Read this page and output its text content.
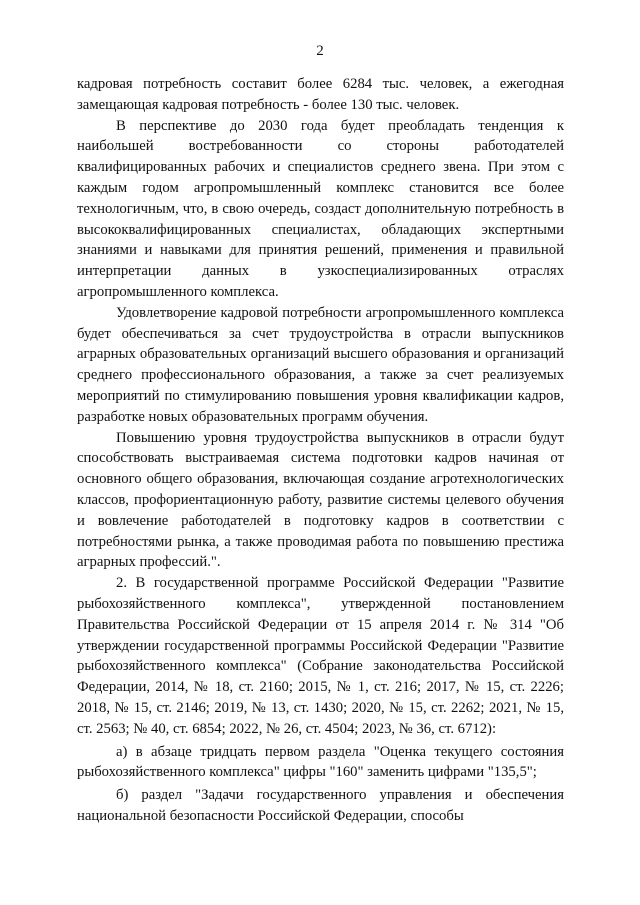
2

кадровая потребность составит более 6284 тыс. человек, а ежегодная замещающая кадровая потребность - более 130 тыс. человек.

В перспективе до 2030 года будет преобладать тенденция к наибольшей востребованности со стороны работодателей квалифицированных рабочих и специалистов среднего звена. При этом с каждым годом агропромышленный комплекс становится все более технологичным, что, в свою очередь, создаст дополнительную потребность в высококвалифицированных специалистах, обладающих экспертными знаниями и навыками для принятия решений, применения и правильной интерпретации данных в узкоспециализированных отраслях агропромышленного комплекса.

Удовлетворение кадровой потребности агропромышленного комплекса будет обеспечиваться за счет трудоустройства в отрасли выпускников аграрных образовательных организаций высшего образования и организаций среднего профессионального образования, а также за счет реализуемых мероприятий по стимулированию повышения уровня квалификации кадров, разработке новых образовательных программ обучения.

Повышению уровня трудоустройства выпускников в отрасли будут способствовать выстраиваемая система подготовки кадров начиная от основного общего образования, включающая создание агротехнологических классов, профориентационную работу, развитие системы целевого обучения и вовлечение работодателей в подготовку кадров в соответствии с потребностями рынка, а также проводимая работа по повышению престижа аграрных профессий.".

2. В государственной программе Российской Федерации "Развитие рыбохозяйственного комплекса", утвержденной постановлением Правительства Российской Федерации от 15 апреля 2014 г. № 314 "Об утверждении государственной программы Российской Федерации "Развитие рыбохозяйственного комплекса" (Собрание законодательства Российской Федерации, 2014, № 18, ст. 2160; 2015, № 1, ст. 216; 2017, № 15, ст. 2226; 2018, № 15, ст. 2146; 2019, № 13, ст. 1430; 2020, № 15, ст. 2262; 2021, № 15, ст. 2563; № 40, ст. 6854; 2022, № 26, ст. 4504; 2023, № 36, ст. 6712):

а) в абзаце тридцать первом раздела "Оценка текущего состояния рыбохозяйственного комплекса" цифры "160" заменить цифрами "135,5";

б) раздел "Задачи государственного управления и обеспечения национальной безопасности Российской Федерации, способы
